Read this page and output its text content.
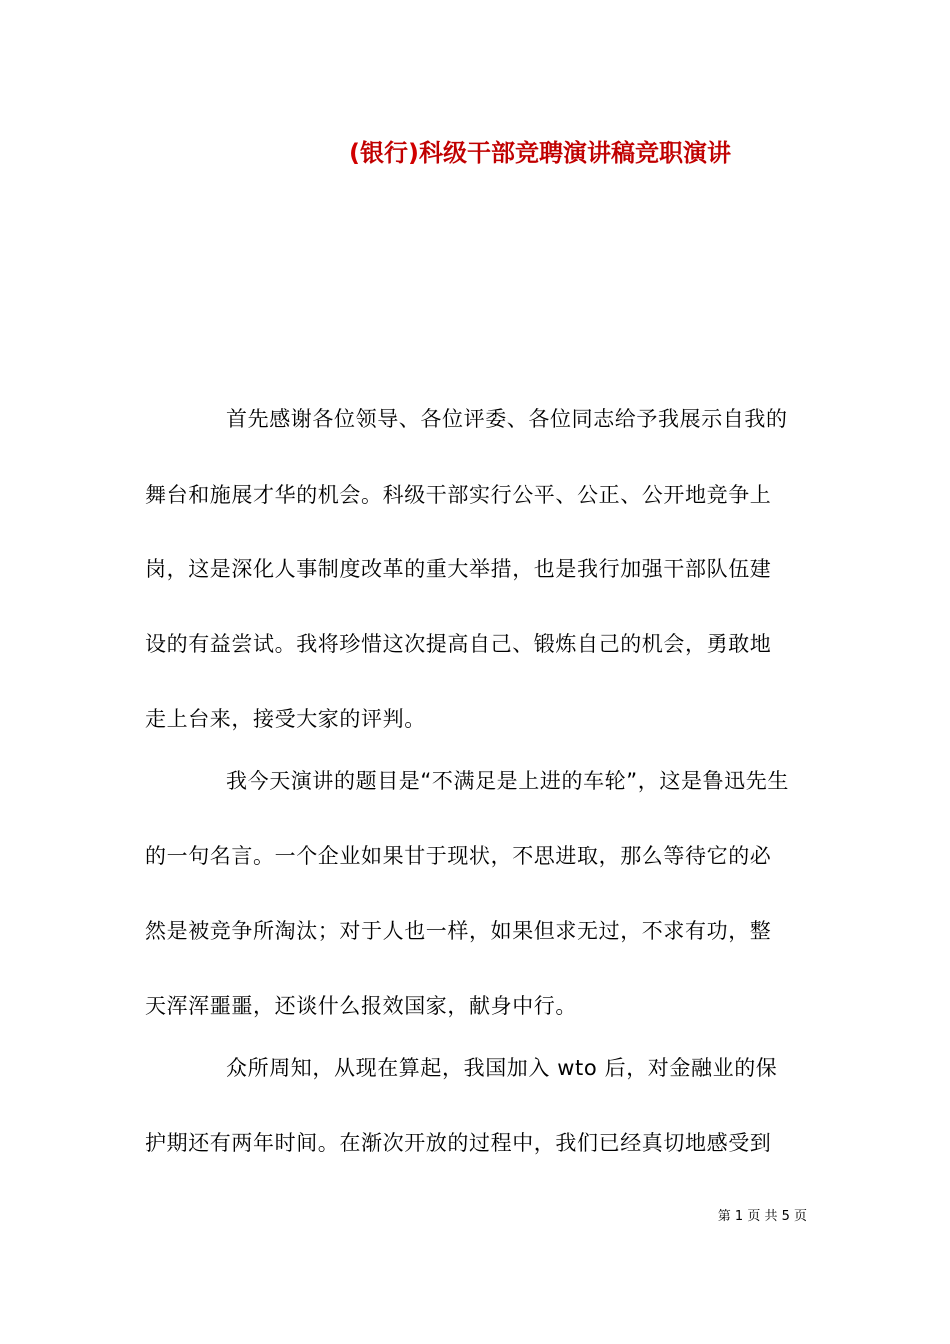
(银行)科级干部竞聘演讲稿竞职演讲
首先感谢各位领导、各位评委、各位同志给予我展示自我的
舞台和施展才华的机会。科级干部实行公平、公正、公开地竞争上
岗，这是深化人事制度改革的重大举措，也是我行加强干部队伍建
设的有益尝试。我将珍惜这次提高自己、锻炼自己的机会，勇敢地
走上台来，接受大家的评判。
我今天演讲的题目是“不满足是上进的车轮”，这是鲁迅先生
的一句名言。一个企业如果甘于现状，不思进取，那么等待它的必
然是被竞争所淘汰；对于人也一样，如果但求无过，不求有功，整
天浑浑噩噩，还谈什么报效国家，献身中行。
众所周知，从现在算起，我国加入 wto 后，对金融业的保
护期还有两年时间。在渐次开放的过程中，我们已经真切地感受到
第 1 页 共 5 页
